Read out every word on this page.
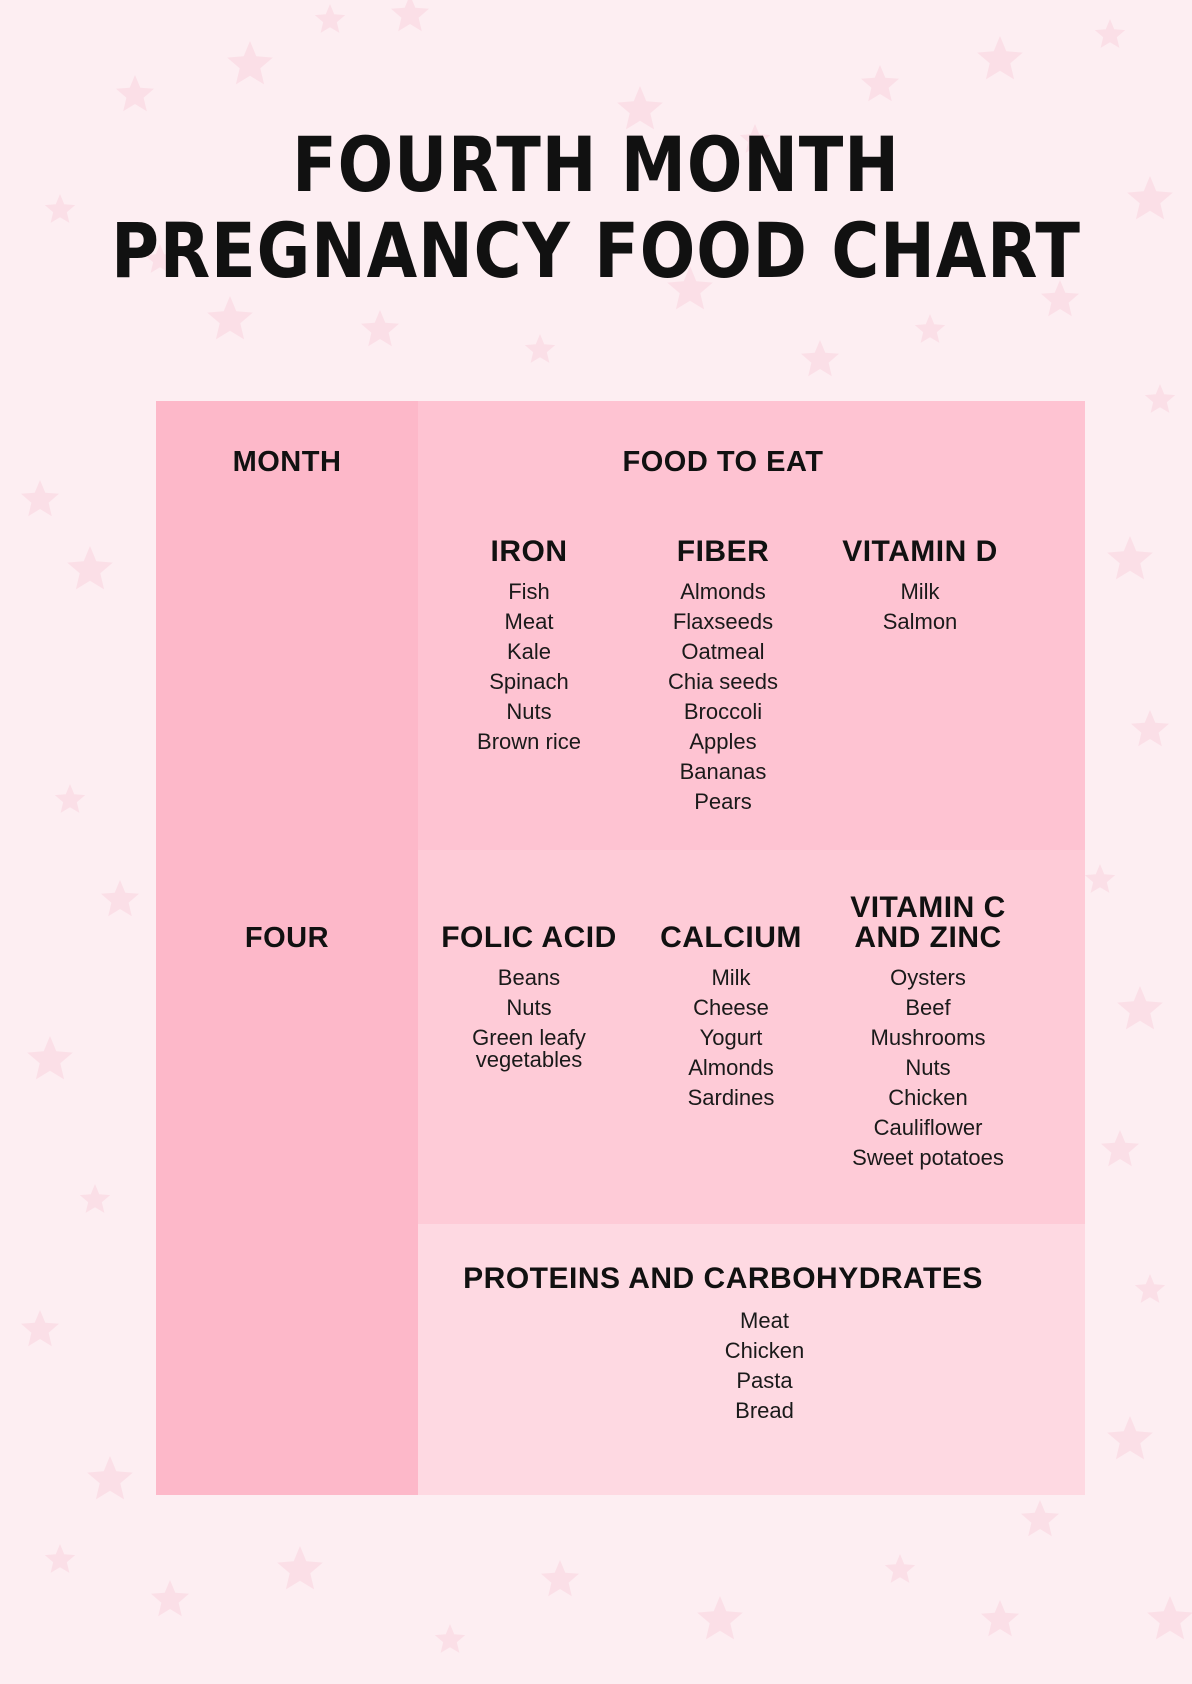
FOURTH MONTH
PREGNANCY FOOD CHART
MONTH	FOOD TO EAT
FOUR
IRON
Fish
Meat
Kale
Spinach
Nuts
Brown rice
FIBER
Almonds
Flaxseeds
Oatmeal
Chia seeds
Broccoli
Apples
Bananas
Pears
VITAMIN D
Milk
Salmon
FOLIC ACID
Beans
Nuts
Green leafy vegetables
CALCIUM
Milk
Cheese
Yogurt
Almonds
Sardines
VITAMIN C
AND ZINC
Oysters
Beef
Mushrooms
Nuts
Chicken
Cauliflower
Sweet potatoes
PROTEINS AND CARBOHYDRATES
Meat
Chicken
Pasta
Bread
